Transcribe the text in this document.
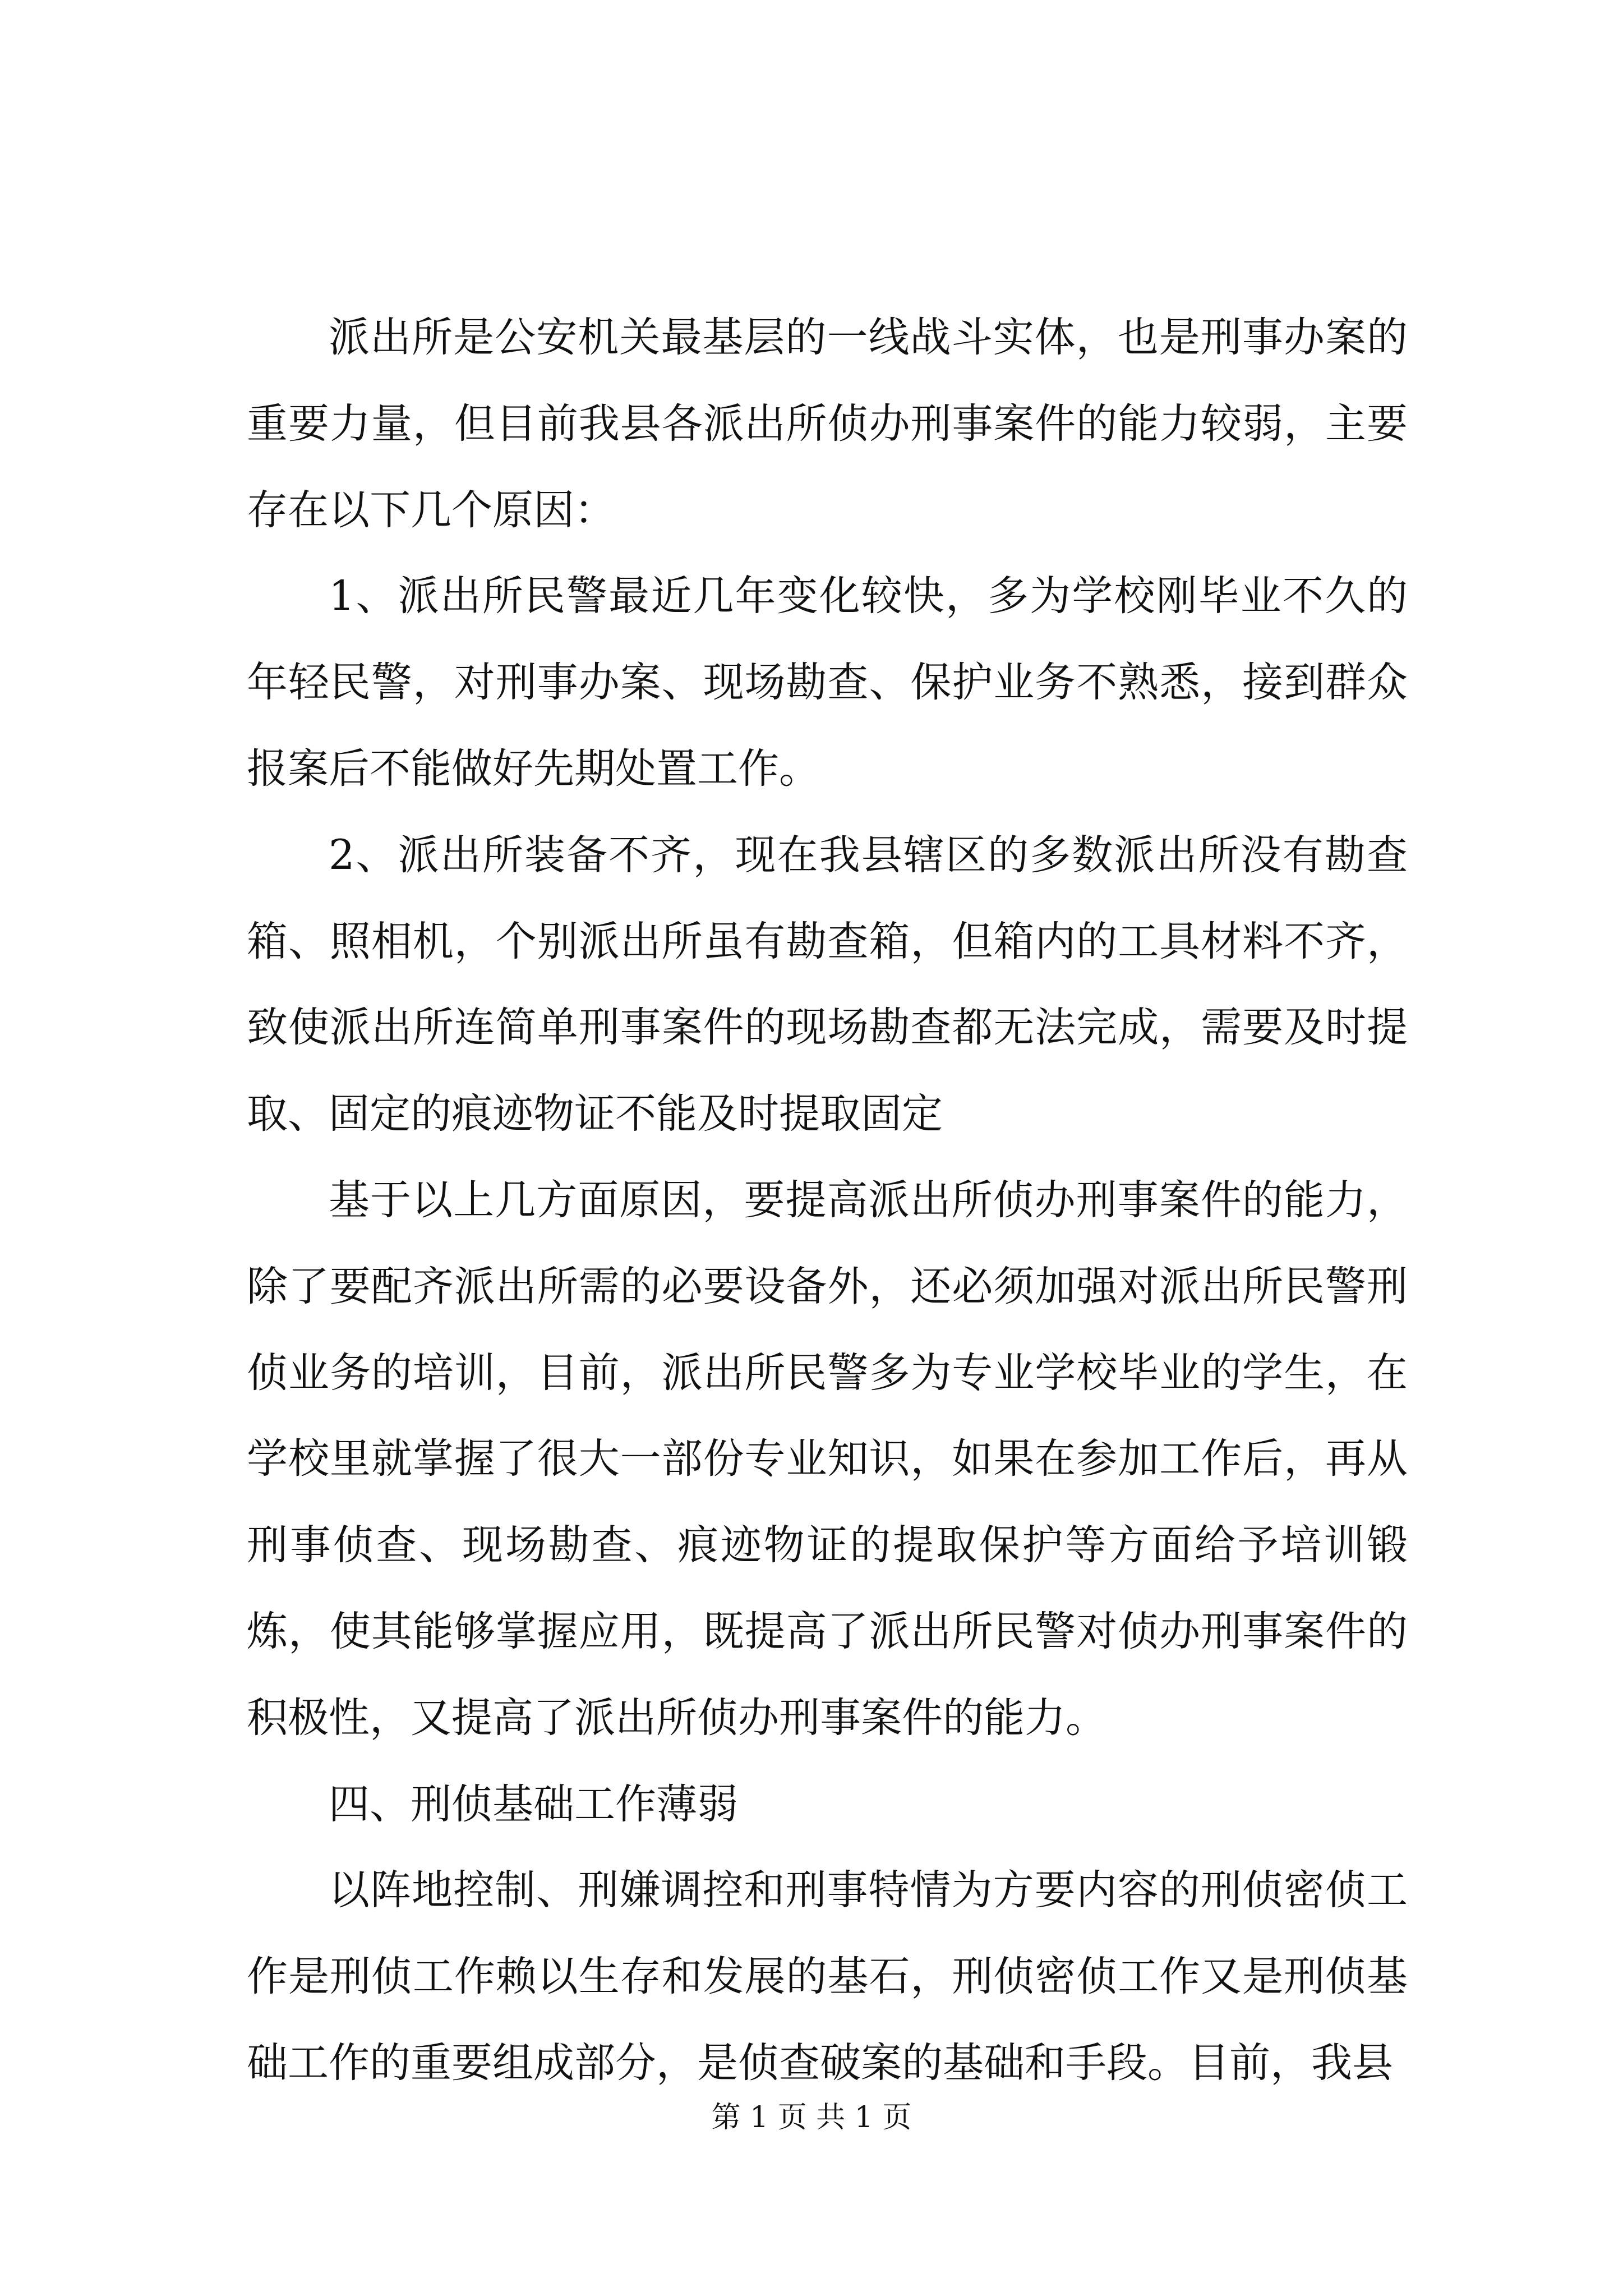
派出所是公安机关最基层的一线战斗实体，也是刑事办案的重要力量，但目前我县各派出所侦办刑事案件的能力较弱，主要存在以下几个原因：

1、派出所民警最近几年变化较快，多为学校刚毕业不久的年轻民警，对刑事办案、现场勘查、保护业务不熟悉，接到群众报案后不能做好先期处置工作。

2、派出所装备不齐，现在我县辖区的多数派出所没有勘查箱、照相机，个别派出所虽有勘查箱，但箱内的工具材料不齐，致使派出所连简单刑事案件的现场勘查都无法完成，需要及时提取、固定的痕迹物证不能及时提取固定

基于以上几方面原因，要提高派出所侦办刑事案件的能力，除了要配齐派出所需的必要设备外，还必须加强对派出所民警刑侦业务的培训，目前，派出所民警多为专业学校毕业的学生，在学校里就掌握了很大一部份专业知识，如果在参加工作后，再从刑事侦查、现场勘查、痕迹物证的提取保护等方面给予培训锻炼，使其能够掌握应用，既提高了派出所民警对侦办刑事案件的积极性，又提高了派出所侦办刑事案件的能力。

四、刑侦基础工作薄弱

以阵地控制、刑嫌调控和刑事特情为方要内容的刑侦密侦工作是刑侦工作赖以生存和发展的基石，刑侦密侦工作又是刑侦基础工作的重要组成部分，是侦查破案的基础和手段。目前，我县

第 1 页 共 1 页
